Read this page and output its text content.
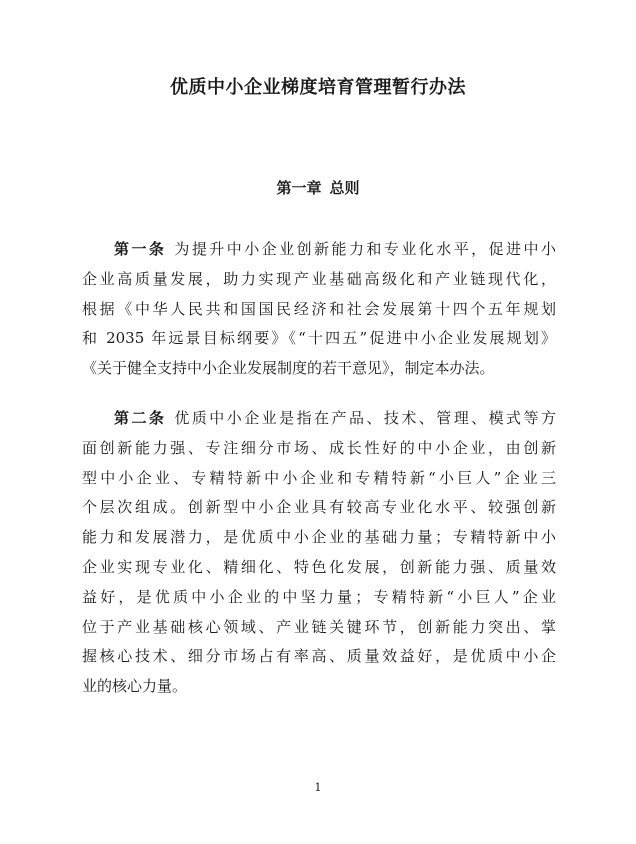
优质中小企业梯度培育管理暂行办法
第一章 总则
第一条 为提升中小企业创新能力和专业化水平，促进中小
企业高质量发展，助力实现产业基础高级化和产业链现代化，
根据《中华人民共和国国民经济和社会发展第十四个五年规划
和 2035 年远景目标纲要》《“十四五”促进中小企业发展规划》
《关于健全支持中小企业发展制度的若干意见》，制定本办法。
第二条 优质中小企业是指在产品、技术、管理、模式等方
面创新能力强、专注细分市场、成长性好的中小企业，由创新
型中小企业、专精特新中小企业和专精特新“小巨人”企业三
个层次组成。创新型中小企业具有较高专业化水平、较强创新
能力和发展潜力，是优质中小企业的基础力量；专精特新中小
企业实现专业化、精细化、特色化发展，创新能力强、质量效
益好，是优质中小企业的中坚力量；专精特新“小巨人”企业
位于产业基础核心领域、产业链关键环节，创新能力突出、掌
握核心技术、细分市场占有率高、质量效益好，是优质中小企
业的核心力量。
1
